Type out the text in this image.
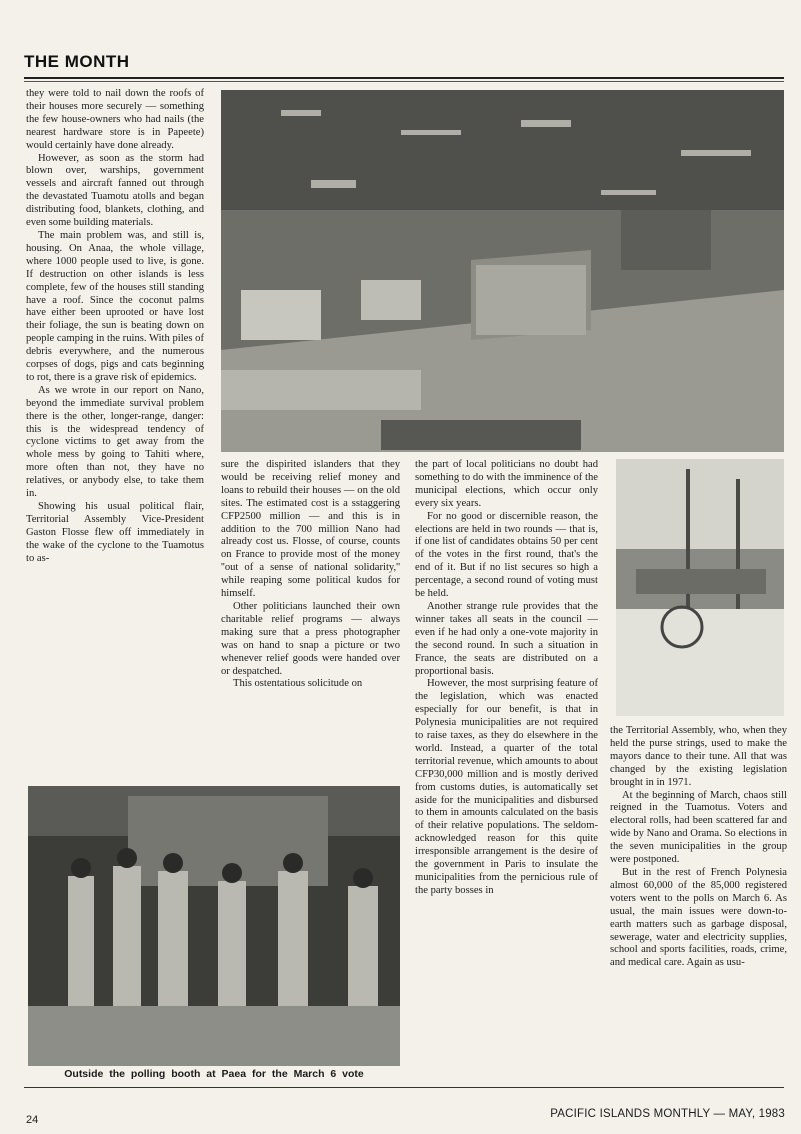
THE MONTH

they were told to nail down the roofs of their houses more securely — something the few house-owners who had nails (the nearest hardware store is in Papeete) would certainly have done already.

However, as soon as the storm had blown over, warships, government vessels and aircraft fanned out through the devastated Tuamotu atolls and began distributing food, blankets, clothing, and even some building materials.

The main problem was, and still is, housing. On Anaa, the whole village, where 1000 people used to live, is gone. If destruction on other islands is less complete, few of the houses still standing have a roof. Since the coconut palms have either been uprooted or have lost their foliage, the sun is beating down on people camping in the ruins. With piles of debris everywhere, and the numerous corpses of dogs, pigs and cats beginning to rot, there is a grave risk of epidemics.

As we wrote in our report on Nano, beyond the immediate survival problem there is the other, longer-range, danger: this is the widespread tendency of cyclone victims to get away from the whole mess by going to Tahiti where, more often than not, they have no relatives, or anybody else, to take them in.

Showing his usual political flair, Territorial Assembly Vice-President Gaston Flosse flew off immediately in the wake of the cyclone to the Tuamotus to as-

sure the dispirited islanders that they would be receiving relief money and loans to rebuild their houses — on the old sites. The estimated cost is a sstaggering CFP2500 million — and this is in addition to the 700 million Nano had already cost us. Flosse, of course, counts on France to provide most of the money ''out of a sense of national solidarity,'' while reaping some political kudos for himself.

Other politicians launched their own charitable relief programs — always making sure that a press photographer was on hand to snap a picture or two whenever relief goods were handed over or despatched.

This ostentatious solicitude on

the part of local politicians no doubt had something to do with the imminence of the municipal elections, which occur only every six years.

For no good or discernible reason, the elections are held in two rounds — that is, if one list of candidates obtains 50 per cent of the votes in the first round, that's the end of it. But if no list secures so high a percentage, a second round of voting must be held.

Another strange rule provides that the winner takes all seats in the council — even if he had only a one-vote majority in the second round. In such a situation in France, the seats are distributed on a proportional basis.

However, the most surprising feature of the legislation, which was enacted especially for our benefit, is that in Polynesia municipalities are not required to raise taxes, as they do elsewhere in the world. Instead, a quarter of the total territorial revenue, which amounts to about CFP30,000 million and is mostly derived from customs duties, is automatically set aside for the municipalities and disbursed to them in amounts calculated on the basis of their relative populations. The seldom-acknowledged reason for this quite irresponsible arrangement is the desire of the government in Paris to insulate the municipalities from the pernicious rule of the party bosses in

the Territorial Assembly, who, when they held the purse strings, used to make the mayors dance to their tune. All that was changed by the existing legislation brought in in 1971.

At the beginning of March, chaos still reigned in the Tuamotus. Voters and electoral rolls, had been scattered far and wide by Nano and Orama. So elections in the seven municipalities in the group were postponed.

But in the rest of French Polynesia almost 60,000 of the 85,000 registered voters went to the polls on March 6. As usual, the main issues were down-to-earth matters such as garbage disposal, sewerage, water and electricity supplies, school and sports facilities, roads, crime, and medical care. Again as usu-

Outside the polling booth at Paea for the March 6 vote
24	PACIFIC ISLANDS MONTHLY — MAY, 1983
